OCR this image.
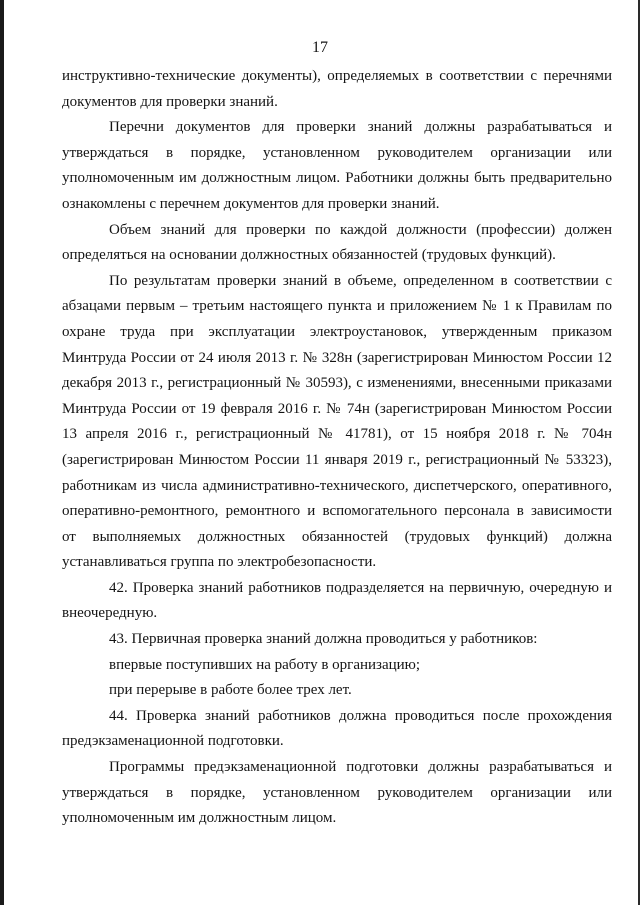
17
инструктивно-технические документы), определяемых в соответствии с перечнями
документов для проверки знаний.
Перечни документов для проверки знаний должны разрабатываться и
утверждаться в порядке, установленном руководителем организации или
уполномоченным им должностным лицом. Работники должны быть предварительно
ознакомлены с перечнем документов для проверки знаний.
Объем знаний для проверки по каждой должности (профессии) должен
определяться на основании должностных обязанностей (трудовых функций).
По результатам проверки знаний в объеме, определенном в соответствии с
абзацами первым – третьим настоящего пункта и приложением № 1 к Правилам по
охране труда при эксплуатации электроустановок, утвержденным приказом
Минтруда России от 24 июля 2013 г. № 328н (зарегистрирован Минюстом России 12
декабря 2013 г., регистрационный № 30593), с изменениями, внесенными приказами
Минтруда России от 19 февраля 2016 г. № 74н (зарегистрирован Минюстом России
13 апреля 2016 г., регистрационный № 41781), от 15 ноября 2018 г. № 704н
(зарегистрирован Минюстом России 11 января 2019 г., регистрационный № 53323),
работникам из числа административно-технического, диспетчерского, оперативного,
оперативно-ремонтного, ремонтного и вспомогательного персонала в зависимости
от выполняемых должностных обязанностей (трудовых функций) должна
устанавливаться группа по электробезопасности.
42. Проверка знаний работников подразделяется на первичную, очередную и
внеочередную.
43. Первичная проверка знаний должна проводиться у работников:
впервые поступивших на работу в организацию;
при перерыве в работе более трех лет.
44. Проверка знаний работников должна проводиться после прохождения
предэкзаменационной подготовки.
Программы предэкзаменационной подготовки должны разрабатываться и
утверждаться в порядке, установленном руководителем организации или
уполномоченным им должностным лицом.
